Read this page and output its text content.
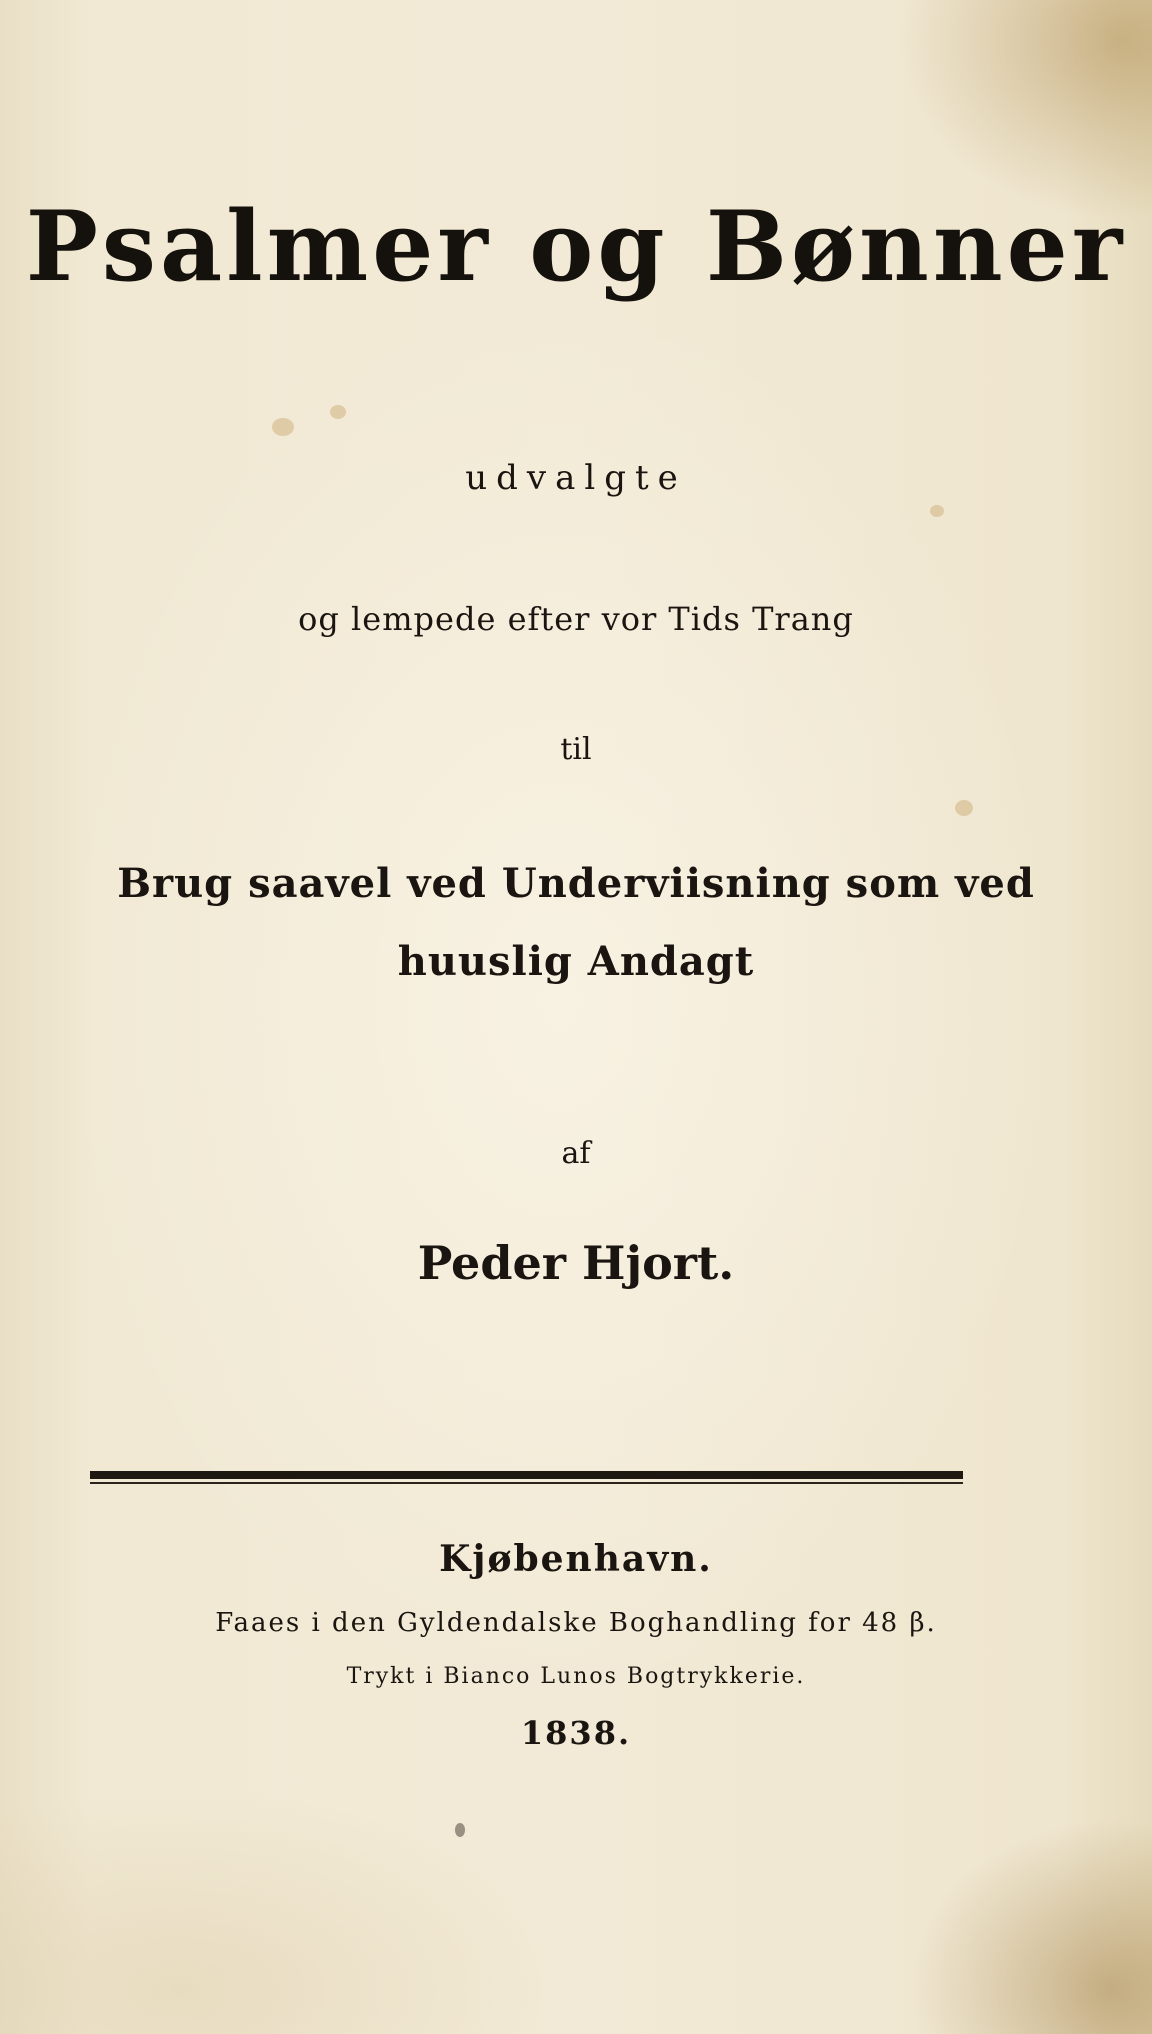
Psalmer og Bønner

udvalgte

og lempede efter vor Tids Trang

til

Brug saavel ved Underviisning som ved

huuslig Andagt

af

Peder Hjort.

Kjøbenhavn.

Faaes i den Gyldendalske Boghandling for 48 β.

Trykt i Bianco Lunos Bogtrykkerie.

1838.
